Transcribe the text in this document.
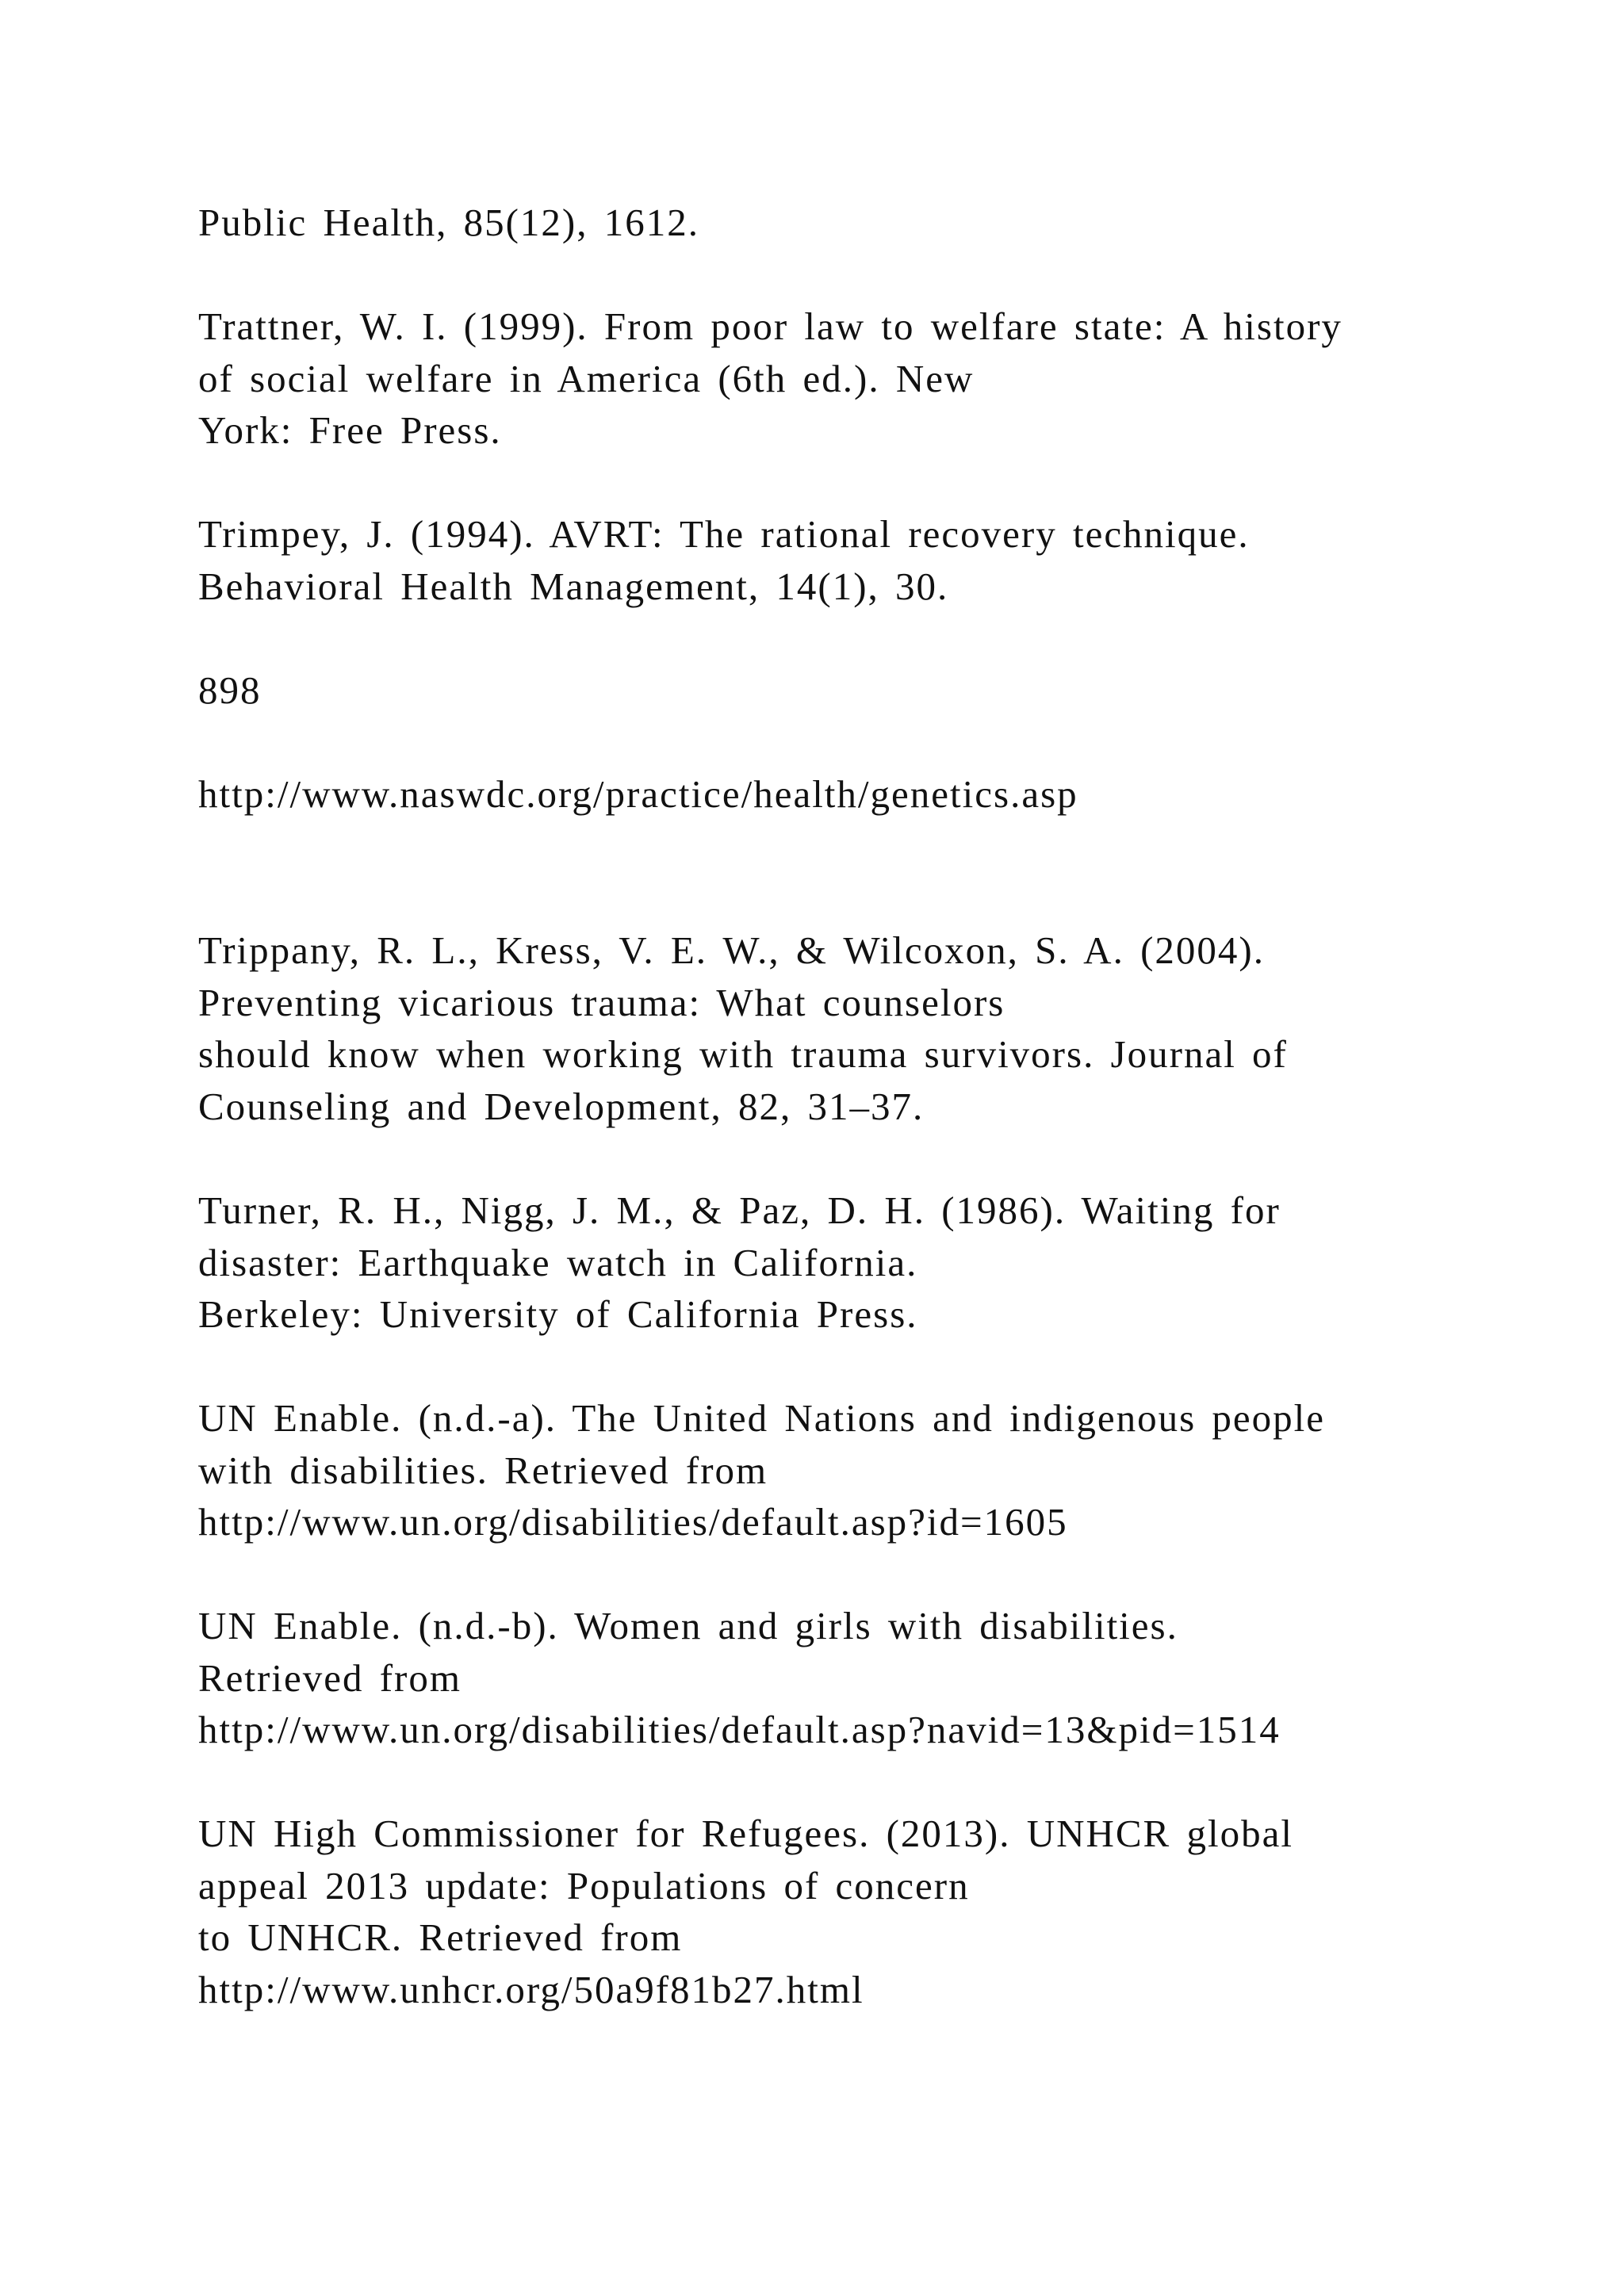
Public Health, 85(12), 1612.
Trattner, W. I. (1999). From poor law to welfare state: A history
of social welfare in America (6th ed.). New
York: Free Press.
Trimpey, J. (1994). AVRT: The rational recovery technique.
Behavioral Health Management, 14(1), 30.
898
http://www.naswdc.org/practice/health/genetics.asp
Trippany, R. L., Kress, V. E. W., & Wilcoxon, S. A. (2004).
Preventing vicarious trauma: What counselors
should know when working with trauma survivors. Journal of
Counseling and Development, 82, 31–37.
Turner, R. H., Nigg, J. M., & Paz, D. H. (1986). Waiting for
disaster: Earthquake watch in California.
Berkeley: University of California Press.
UN Enable. (n.d.-a). The United Nations and indigenous people
with disabilities. Retrieved from
http://www.un.org/disabilities/default.asp?id=1605
UN Enable. (n.d.-b). Women and girls with disabilities.
Retrieved from
http://www.un.org/disabilities/default.asp?navid=13&pid=1514
UN High Commissioner for Refugees. (2013). UNHCR global
appeal 2013 update: Populations of concern
to UNHCR. Retrieved from
http://www.unhcr.org/50a9f81b27.html
